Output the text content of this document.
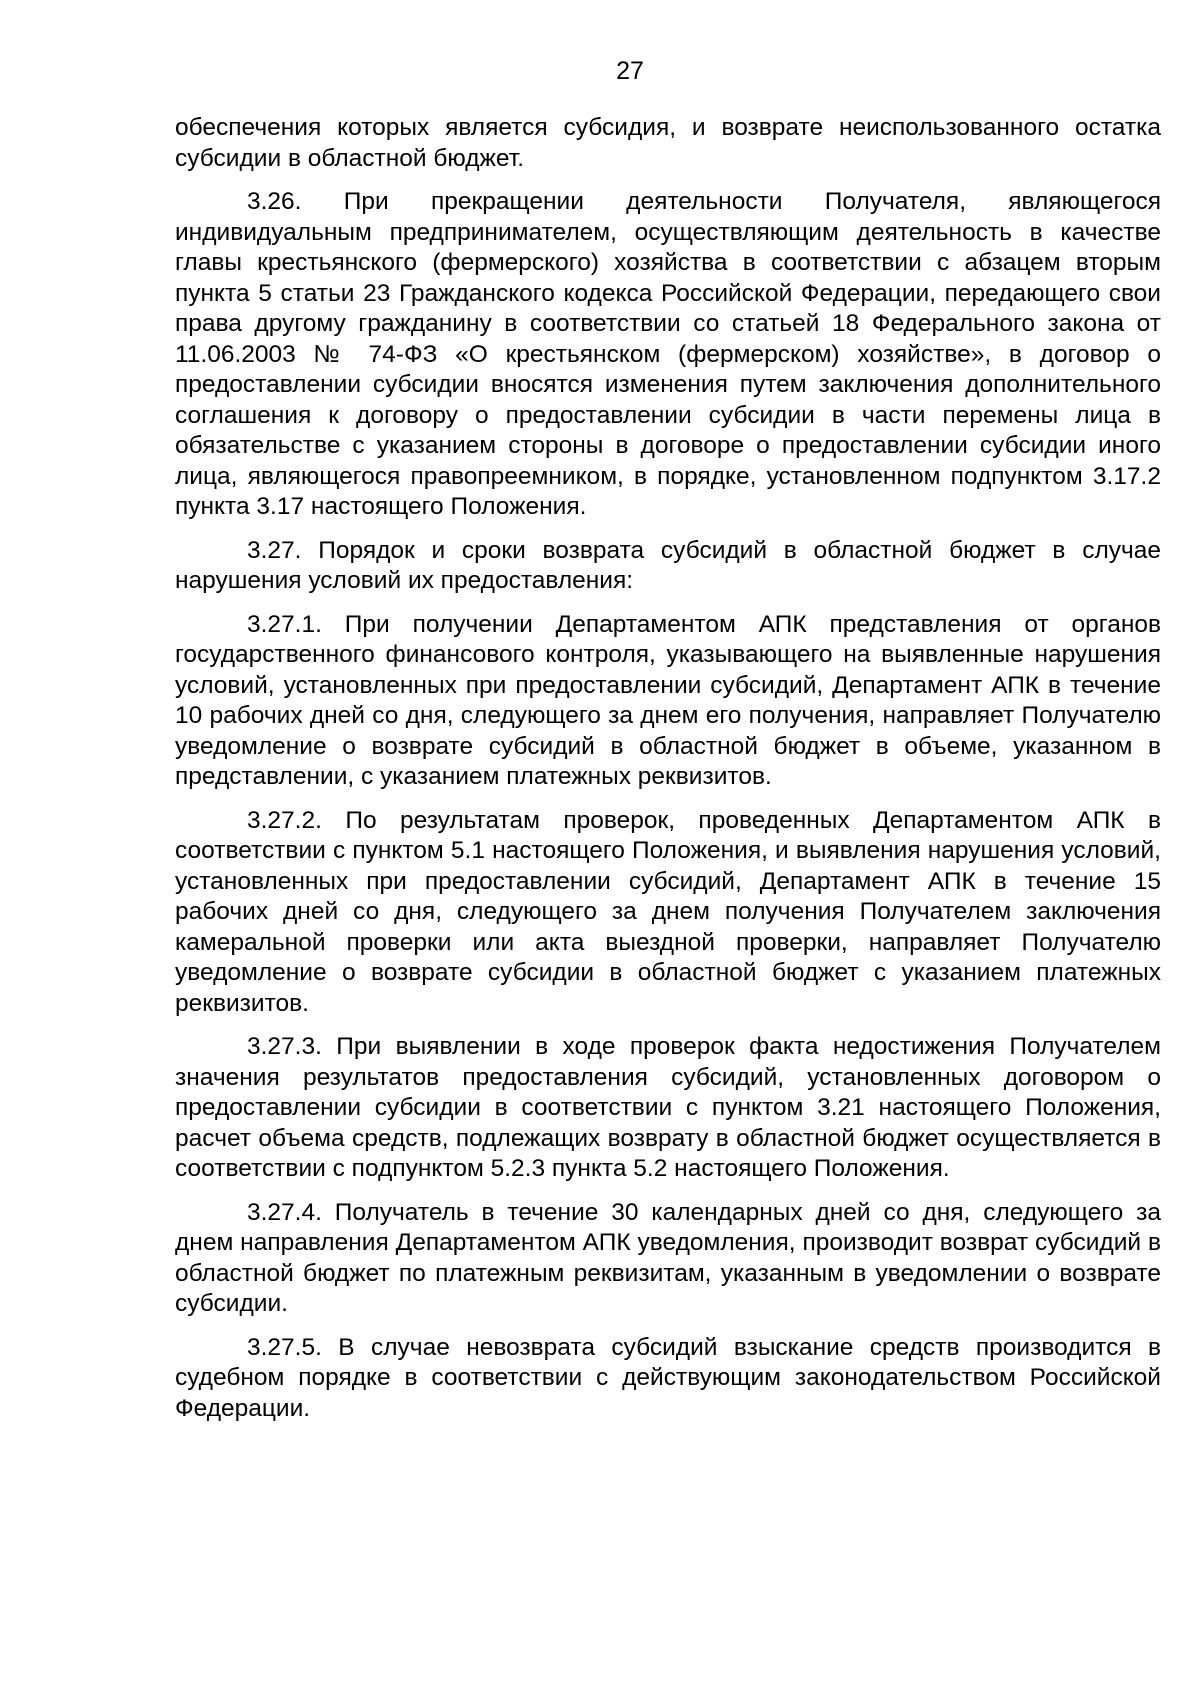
27

обеспечения которых является субсидия, и возврате неиспользованного остатка субсидии в областной бюджет.

3.26. При прекращении деятельности Получателя, являющегося индивидуальным предпринимателем, осуществляющим деятельность в качестве главы крестьянского (фермерского) хозяйства в соответствии с абзацем вторым пункта 5 статьи 23 Гражданского кодекса Российской Федерации, передающего свои права другому гражданину в соответствии со статьей 18 Федерального закона от 11.06.2003 № 74-ФЗ «О крестьянском (фермерском) хозяйстве», в договор о предоставлении субсидии вносятся изменения путем заключения дополнительного соглашения к договору о предоставлении субсидии в части перемены лица в обязательстве с указанием стороны в договоре о предоставлении субсидии иного лица, являющегося правопреемником, в порядке, установленном подпунктом 3.17.2 пункта 3.17 настоящего Положения.

3.27. Порядок и сроки возврата субсидий в областной бюджет в случае нарушения условий их предоставления:

3.27.1. При получении Департаментом АПК представления от органов государственного финансового контроля, указывающего на выявленные нарушения условий, установленных при предоставлении субсидий, Департамент АПК в течение 10 рабочих дней со дня, следующего за днем его получения, направляет Получателю уведомление о возврате субсидий в областной бюджет в объеме, указанном в представлении, с указанием платежных реквизитов.

3.27.2. По результатам проверок, проведенных Департаментом АПК в соответствии с пунктом 5.1 настоящего Положения, и выявления нарушения условий, установленных при предоставлении субсидий, Департамент АПК в течение 15 рабочих дней со дня, следующего за днем получения Получателем заключения камеральной проверки или акта выездной проверки, направляет Получателю уведомление о возврате субсидии в областной бюджет с указанием платежных реквизитов.

3.27.3. При выявлении в ходе проверок факта недостижения Получателем значения результатов предоставления субсидий, установленных договором о предоставлении субсидии в соответствии с пунктом 3.21 настоящего Положения, расчет объема средств, подлежащих возврату в областной бюджет осуществляется в соответствии с подпунктом 5.2.3 пункта 5.2 настоящего Положения.

3.27.4. Получатель в течение 30 календарных дней со дня, следующего за днем направления Департаментом АПК уведомления, производит возврат субсидий в областной бюджет по платежным реквизитам, указанным в уведомлении о возврате субсидии.

3.27.5. В случае невозврата субсидий взыскание средств производится в судебном порядке в соответствии с действующим законодательством Российской Федерации.
